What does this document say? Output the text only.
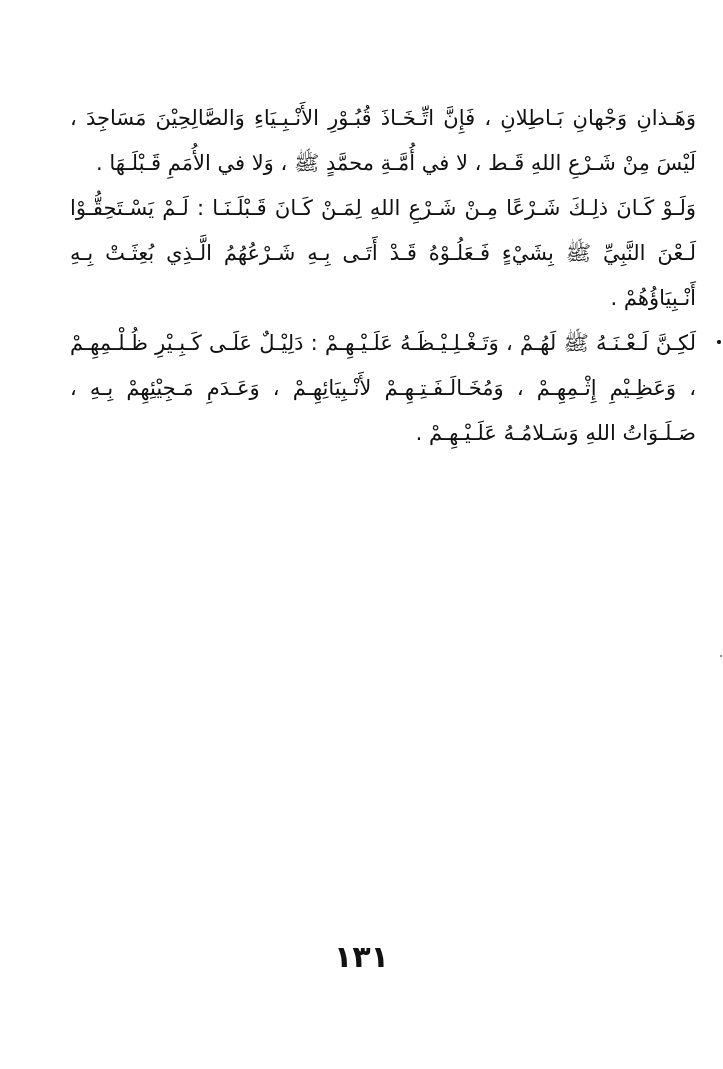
وَهَـذانِ وَجْهانِ بَـاطِلانِ ، فَإِنَّ اتِّـخَـاذَ قُبُـوْرِ الأَنْـبِـيَاءِ وَالصَّالِحِيْنَ مَسَاجِدَ ، لَيْسَ مِنْ شَـرْعِ اللهِ قَـط ، لا في أُمَّـةِ محمَّدٍ ﷺ ، وَلا في الأُمَمِ قَـبْلَـهَا .

وَلَـوْ كَـانَ ذلِـكَ شَـرْعًا مِـنْ شَـرْعِ اللهِ لِمَـنْ كَـانَ قَـبْلَـنَـا : لَـمْ يَسْـتَحِقُّـوْا لَـعْنَ النَّبِيِّ ﷺ بِشَيْءٍ فَـعَلُـوْهُ قَـدْ أَتَـى بِـهِ شَـرْعُهُمُ الَّـذِي بُعِثَـتْ بِـهِ أَنْـبِيَاؤُهُمْ .

لَكِـنَّ لَـعْـنَـهُ ﷺ لَهُـمْ ، وَتَـغْـلِـيْـظَـهُ عَلَـيْـهِـمْ : دَلِيْـلٌ عَلَـى كَـبِـيْرِ ظُـلْـمِهِـمْ ، وَعَظِـيْمِ إِثْـمِهِـمْ ، وَمُخَـالَـفَـتِـهِـمْ لأَنْـبِيَائِهِـمْ ، وَعَـدَمِ مَـجِيْئِهِمْ بِـهِ ، صَـلَـوَاتُ اللهِ وَسَـلامُـهُ عَلَـيْـهِـمْ .

١٣١
